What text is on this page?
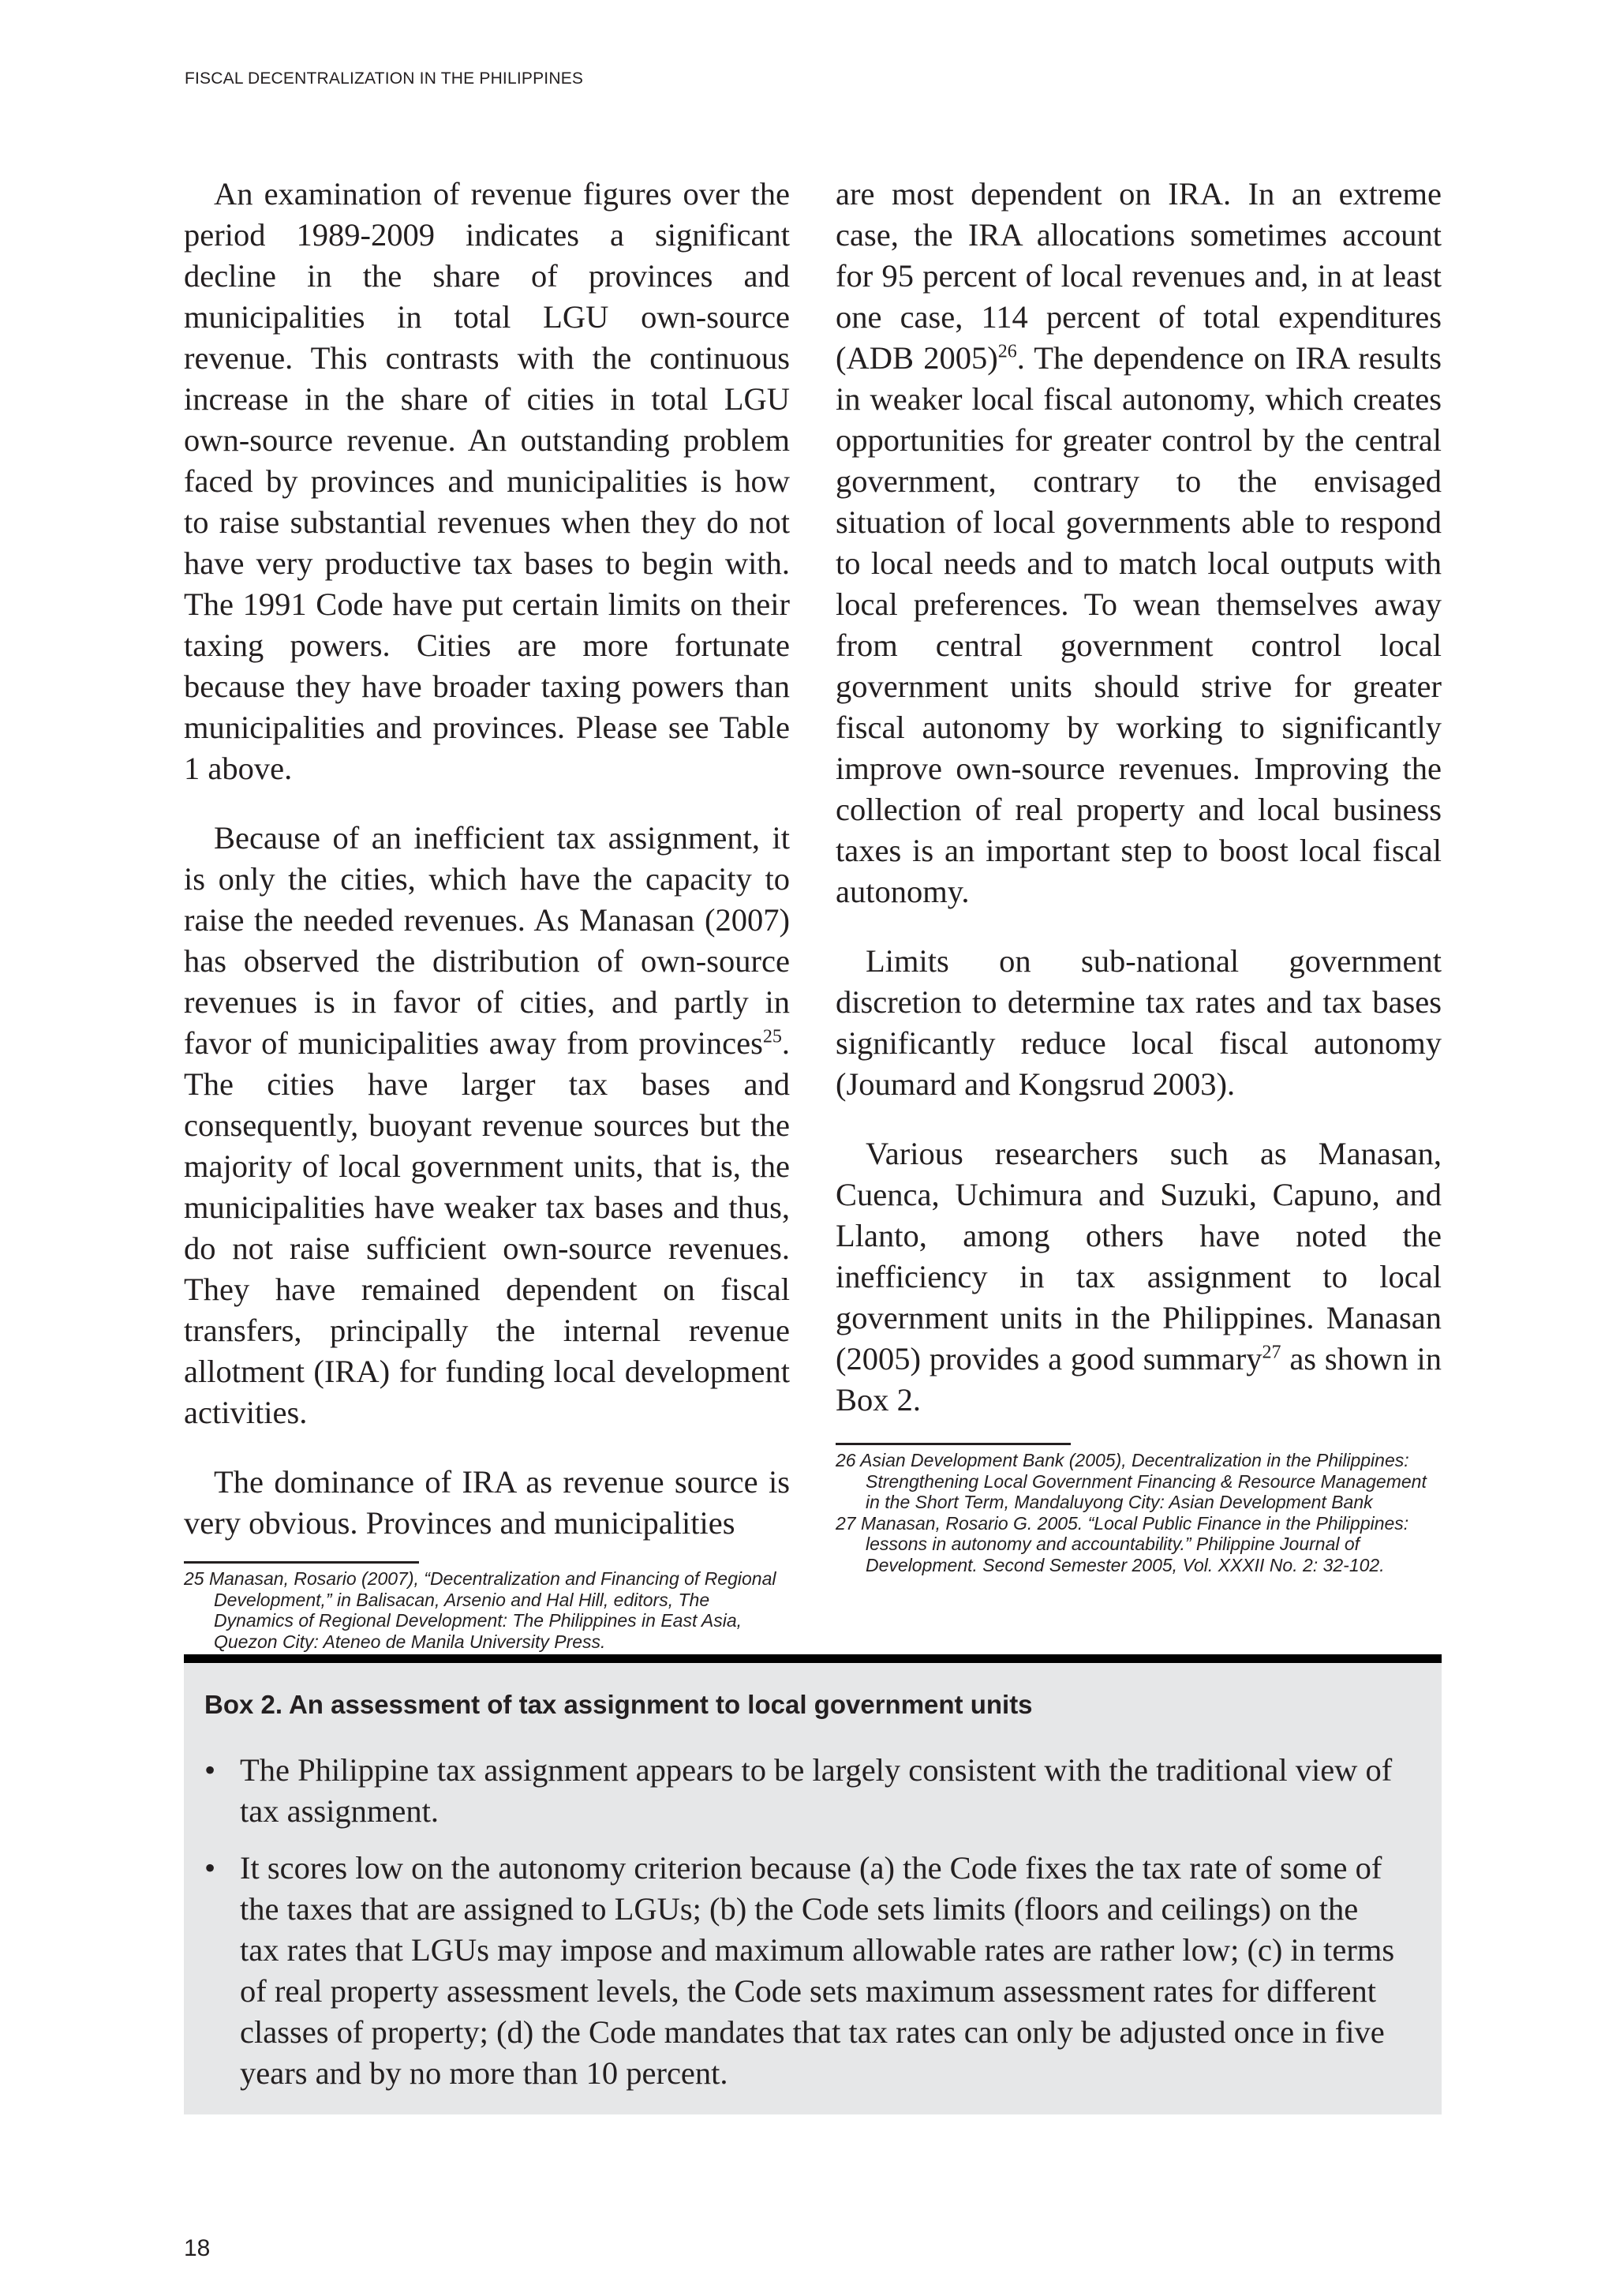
FISCAL DECENTRALIZATION IN THE PHILIPPINES

An examination of revenue figures over the period 1989-2009 indicates a significant decline in the share of provinces and municipalities in total LGU own-source revenue. This contrasts with the continuous increase in the share of cities in total LGU own-source revenue. An outstanding problem faced by provinces and municipalities is how to raise substantial revenues when they do not have very productive tax bases to begin with. The 1991 Code have put certain limits on their taxing powers. Cities are more fortunate because they have broader taxing powers than municipalities and provinces. Please see Table 1 above.

Because of an inefficient tax assignment, it is only the cities, which have the capacity to raise the needed revenues. As Manasan (2007) has observed the distribution of own-source revenues is in favor of cities, and partly in favor of municipalities away from provinces$^{25}$. The cities have larger tax bases and consequently, buoyant revenue sources but the majority of local government units, that is, the municipalities have weaker tax bases and thus, do not raise sufficient own-source revenues. They have remained dependent on fiscal transfers, principally the internal revenue allotment (IRA) for funding local development activities.

The dominance of IRA as revenue source is very obvious. Provinces and municipalities

25 Manasan, Rosario (2007), “Decentralization and Financing of Regional Development,” in Balisacan, Arsenio and Hal Hill, editors, The Dynamics of Regional Development: The Philippines in East Asia, Quezon City: Ateneo de Manila University Press.

are most dependent on IRA. In an extreme case, the IRA allocations sometimes account for 95 percent of local revenues and, in at least one case, 114 percent of total expenditures (ADB 2005)$^{26}$. The dependence on IRA results in weaker local fiscal autonomy, which creates opportunities for greater control by the central government, contrary to the envisaged situation of local governments able to respond to local needs and to match local outputs with local preferences. To wean themselves away from central government control local government units should strive for greater fiscal autonomy by working to significantly improve own-source revenues. Improving the collection of real property and local business taxes is an important step to boost local fiscal autonomy.

Limits on sub-national government discretion to determine tax rates and tax bases significantly reduce local fiscal autonomy (Joumard and Kongsrud 2003).

Various researchers such as Manasan, Cuenca, Uchimura and Suzuki, Capuno, and Llanto, among others have noted the inefficiency in tax assignment to local government units in the Philippines. Manasan (2005) provides a good summary$^{27}$ as shown in Box 2.

26 Asian Development Bank (2005), Decentralization in the Philippines: Strengthening Local Government Financing & Resource Management in the Short Term, Mandaluyong City: Asian Development Bank

27 Manasan, Rosario G. 2005. “Local Public Finance in the Philippines: lessons in autonomy and accountability.” Philippine Journal of Development. Second Semester 2005, Vol. XXXII No. 2: 32-102.

Box 2. An assessment of tax assignment to local government units
• The Philippine tax assignment appears to be largely consistent with the traditional view of tax assignment.
• It scores low on the autonomy criterion because (a) the Code fixes the tax rate of some of the taxes that are assigned to LGUs; (b) the Code sets limits (floors and ceilings) on the tax rates that LGUs may impose and maximum allowable rates are rather low; (c) in terms of real property assessment levels, the Code sets maximum assessment rates for different classes of property; (d) the Code mandates that tax rates can only be adjusted once in five years and by no more than 10 percent.
18
